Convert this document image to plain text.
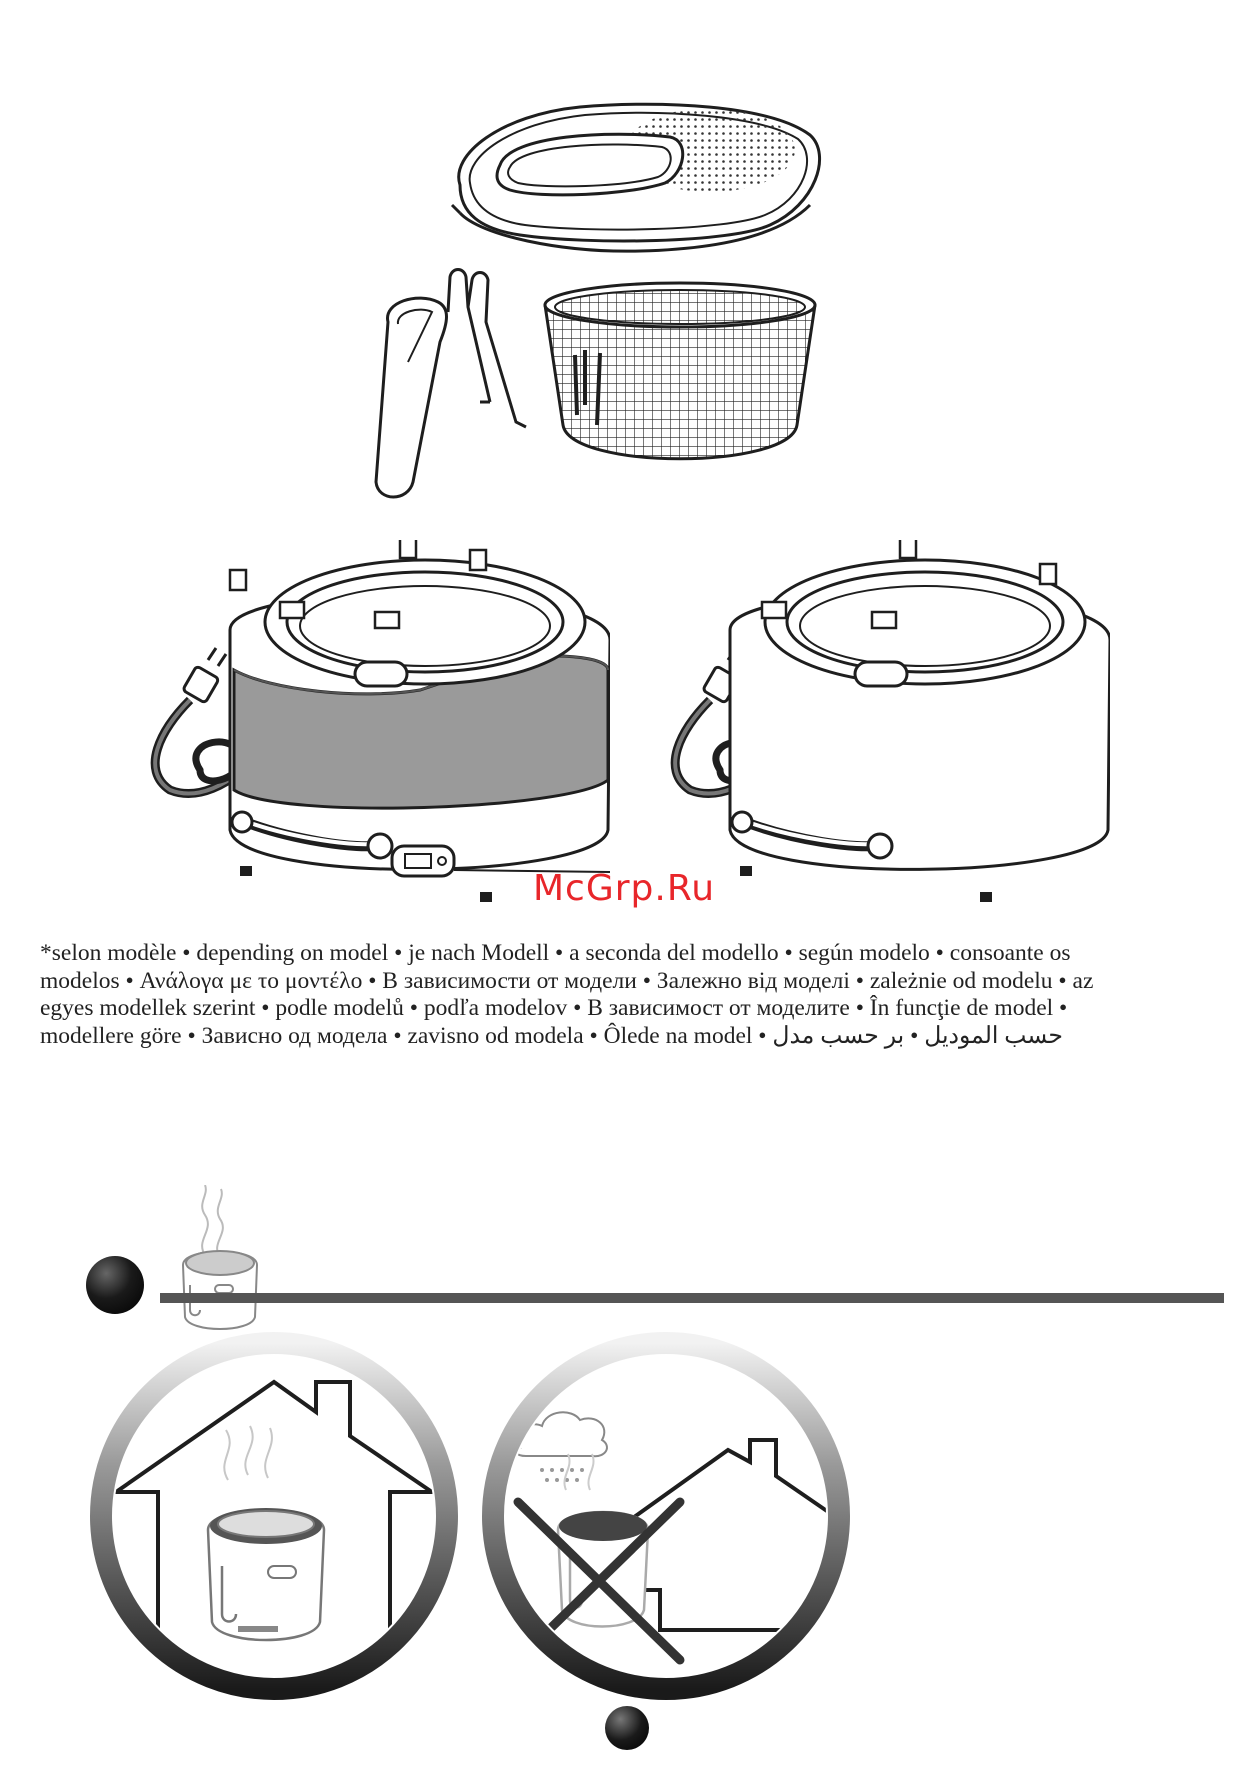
McGrp.Ru

*selon modèle • depending on model • je nach Modell • a seconda del modello • según modelo • consoante os

modelos • Ανάλογα με το μοντέλο • В зависимости от модели • Залежно від моделі • zależnie od modelu • az

egyes modellek szerint • podle modelů • podľa modelov • В зависимост от моделите • În funcţie de model •

modellere göre • Зависно од модела • zavisno od modela • Ôlede na model • حسب الموديل • بر حسب مدل
